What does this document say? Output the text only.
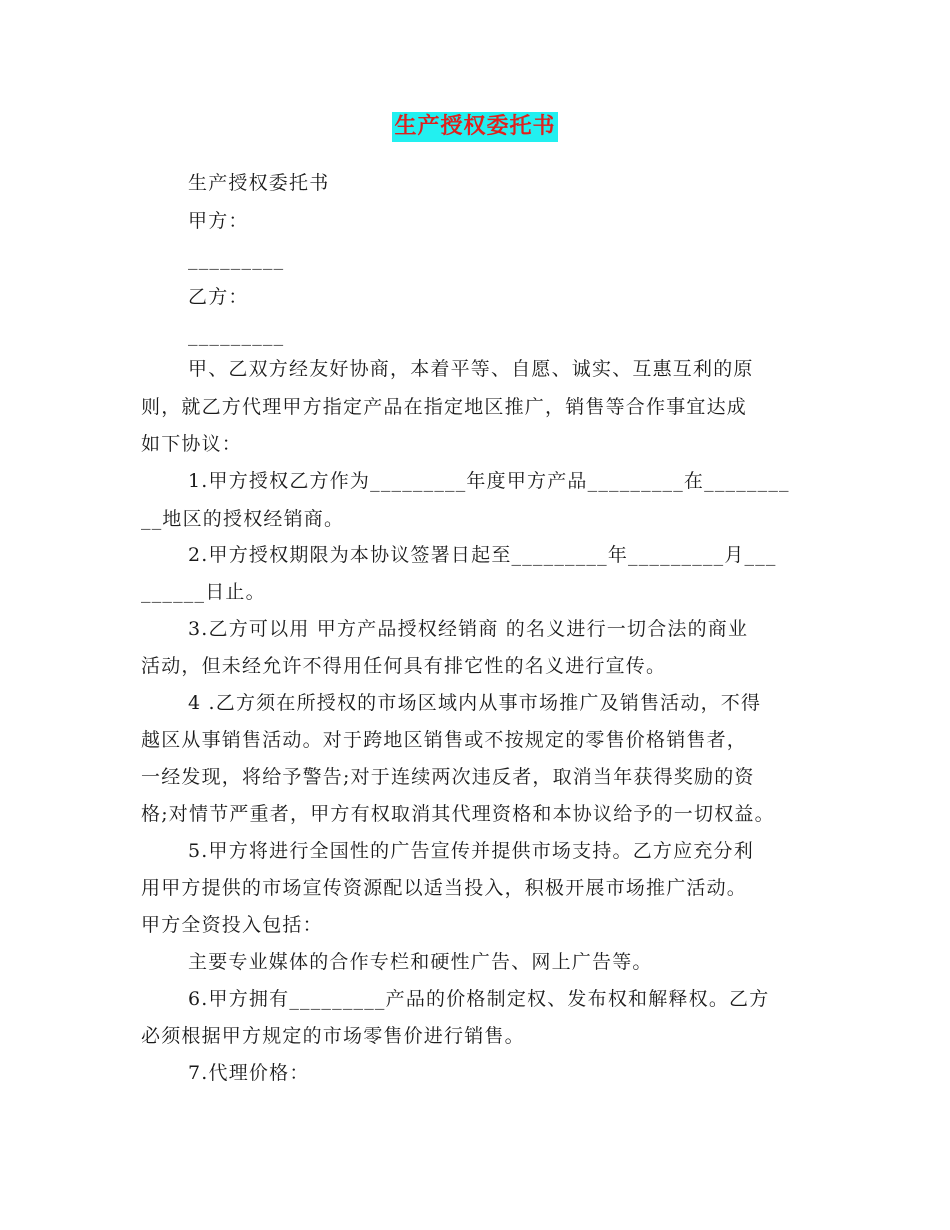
生产授权委托书
生产授权委托书
甲方：
_________
乙方：
_________
甲、乙双方经友好协商，本着平等、自愿、诚实、互惠互利的原
则，就乙方代理甲方指定产品在指定地区推广，销售等合作事宜达成
如下协议：
1.甲方授权乙方作为_________年度甲方产品_________在________
__地区的授权经销商。
2.甲方授权期限为本协议签署日起至_________年_________月___
______日止。
3.乙方可以用 甲方产品授权经销商 的名义进行一切合法的商业
活动，但未经允许不得用任何具有排它性的名义进行宣传。
4 .乙方须在所授权的市场区域内从事市场推广及销售活动，不得
越区从事销售活动。对于跨地区销售或不按规定的零售价格销售者，
一经发现，将给予警告;对于连续两次违反者，取消当年获得奖励的资
格;对情节严重者，甲方有权取消其代理资格和本协议给予的一切权益。
5.甲方将进行全国性的广告宣传并提供市场支持。乙方应充分利
用甲方提供的市场宣传资源配以适当投入，积极开展市场推广活动。
甲方全资投入包括：
主要专业媒体的合作专栏和硬性广告、网上广告等。
6.甲方拥有_________产品的价格制定权、发布权和解释权。乙方
必须根据甲方规定的市场零售价进行销售。
7.代理价格：
